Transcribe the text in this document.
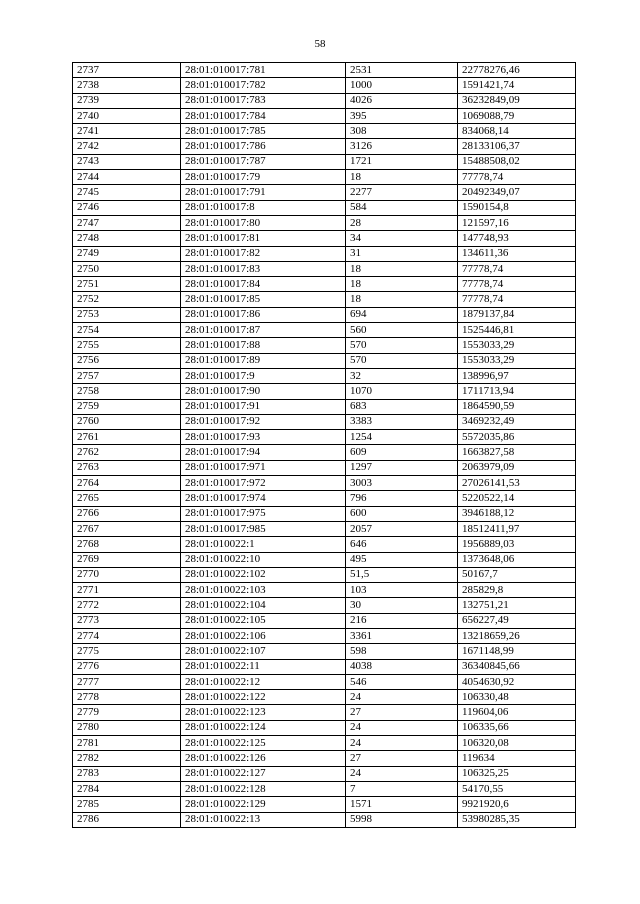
58
2737	28:01:010017:781	2531	22778276,46
2738	28:01:010017:782	1000	1591421,74
2739	28:01:010017:783	4026	36232849,09
2740	28:01:010017:784	395	1069088,79
2741	28:01:010017:785	308	834068,14
2742	28:01:010017:786	3126	28133106,37
2743	28:01:010017:787	1721	15488508,02
2744	28:01:010017:79	18	77778,74
2745	28:01:010017:791	2277	20492349,07
2746	28:01:010017:8	584	1590154,8
2747	28:01:010017:80	28	121597,16
2748	28:01:010017:81	34	147748,93
2749	28:01:010017:82	31	134611,36
2750	28:01:010017:83	18	77778,74
2751	28:01:010017:84	18	77778,74
2752	28:01:010017:85	18	77778,74
2753	28:01:010017:86	694	1879137,84
2754	28:01:010017:87	560	1525446,81
2755	28:01:010017:88	570	1553033,29
2756	28:01:010017:89	570	1553033,29
2757	28:01:010017:9	32	138996,97
2758	28:01:010017:90	1070	1711713,94
2759	28:01:010017:91	683	1864590,59
2760	28:01:010017:92	3383	3469232,49
2761	28:01:010017:93	1254	5572035,86
2762	28:01:010017:94	609	1663827,58
2763	28:01:010017:971	1297	2063979,09
2764	28:01:010017:972	3003	27026141,53
2765	28:01:010017:974	796	5220522,14
2766	28:01:010017:975	600	3946188,12
2767	28:01:010017:985	2057	18512411,97
2768	28:01:010022:1	646	1956889,03
2769	28:01:010022:10	495	1373648,06
2770	28:01:010022:102	51,5	50167,7
2771	28:01:010022:103	103	285829,8
2772	28:01:010022:104	30	132751,21
2773	28:01:010022:105	216	656227,49
2774	28:01:010022:106	3361	13218659,26
2775	28:01:010022:107	598	1671148,99
2776	28:01:010022:11	4038	36340845,66
2777	28:01:010022:12	546	4054630,92
2778	28:01:010022:122	24	106330,48
2779	28:01:010022:123	27	119604,06
2780	28:01:010022:124	24	106335,66
2781	28:01:010022:125	24	106320,08
2782	28:01:010022:126	27	119634
2783	28:01:010022:127	24	106325,25
2784	28:01:010022:128	7	54170,55
2785	28:01:010022:129	1571	9921920,6
2786	28:01:010022:13	5998	53980285,35
